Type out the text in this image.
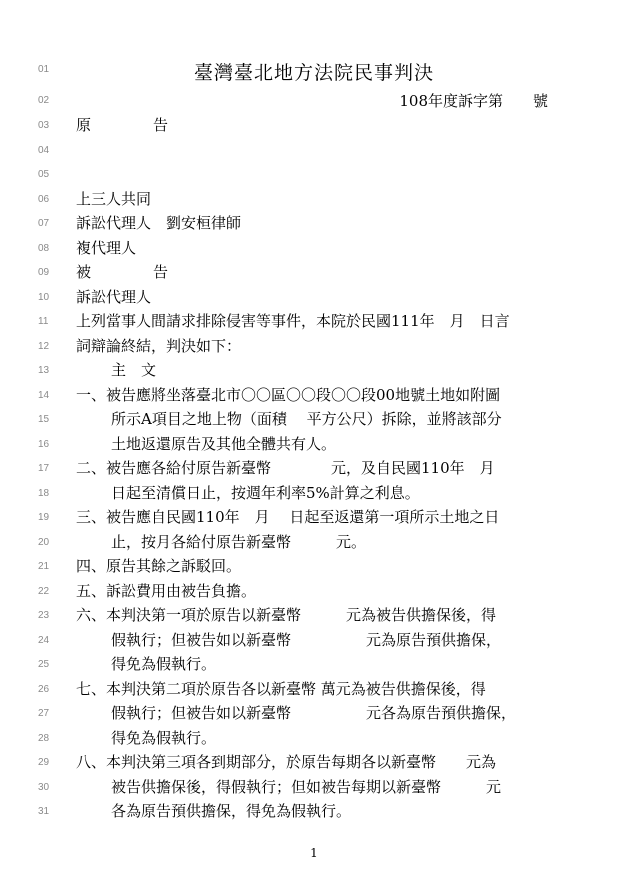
臺灣臺北地方法院民事判決
108年度訴字第　　號
01
02
03
04
05
06
07
08
09
10
11
12
13
14
15
16
17
18
19
20
21
22
23
24
25
26
27
28
29
30
31
原告
上三人共同
訴訟代理人　劉安桓律師
複代理人
被告
訴訟代理人
上列當事人間請求排除侵害等事件，本院於民國111年　月　日言
詞辯論終結，判決如下：
主　文
一、被告應將坐落臺北市〇〇區〇〇段〇〇段00地號土地如附圖
所示A項目之地上物（面積　 平方公尺）拆除，並將該部分
土地返還原告及其他全體共有人。
二、被告應各給付原告新臺幣　　　　元，及自民國110年　月
日起至清償日止，按週年利率5%計算之利息。
三、被告應自民國110年　月　 日起至返還第一項所示土地之日
止，按月各給付原告新臺幣　　　元。
四、原告其餘之訴駁回。
五、訴訟費用由被告負擔。
六、本判決第一項於原告以新臺幣　　　元為被告供擔保後，得
假執行；但被告如以新臺幣　　　　　元為原告預供擔保，
得免為假執行。
七、本判決第二項於原告各以新臺幣 萬元為被告供擔保後，得
假執行；但被告如以新臺幣　　　　　元各為原告預供擔保，
得免為假執行。
八、本判決第三項各到期部分，於原告每期各以新臺幣　　元為
被告供擔保後，得假執行；但如被告每期以新臺幣　　　元
各為原告預供擔保，得免為假執行。
1
